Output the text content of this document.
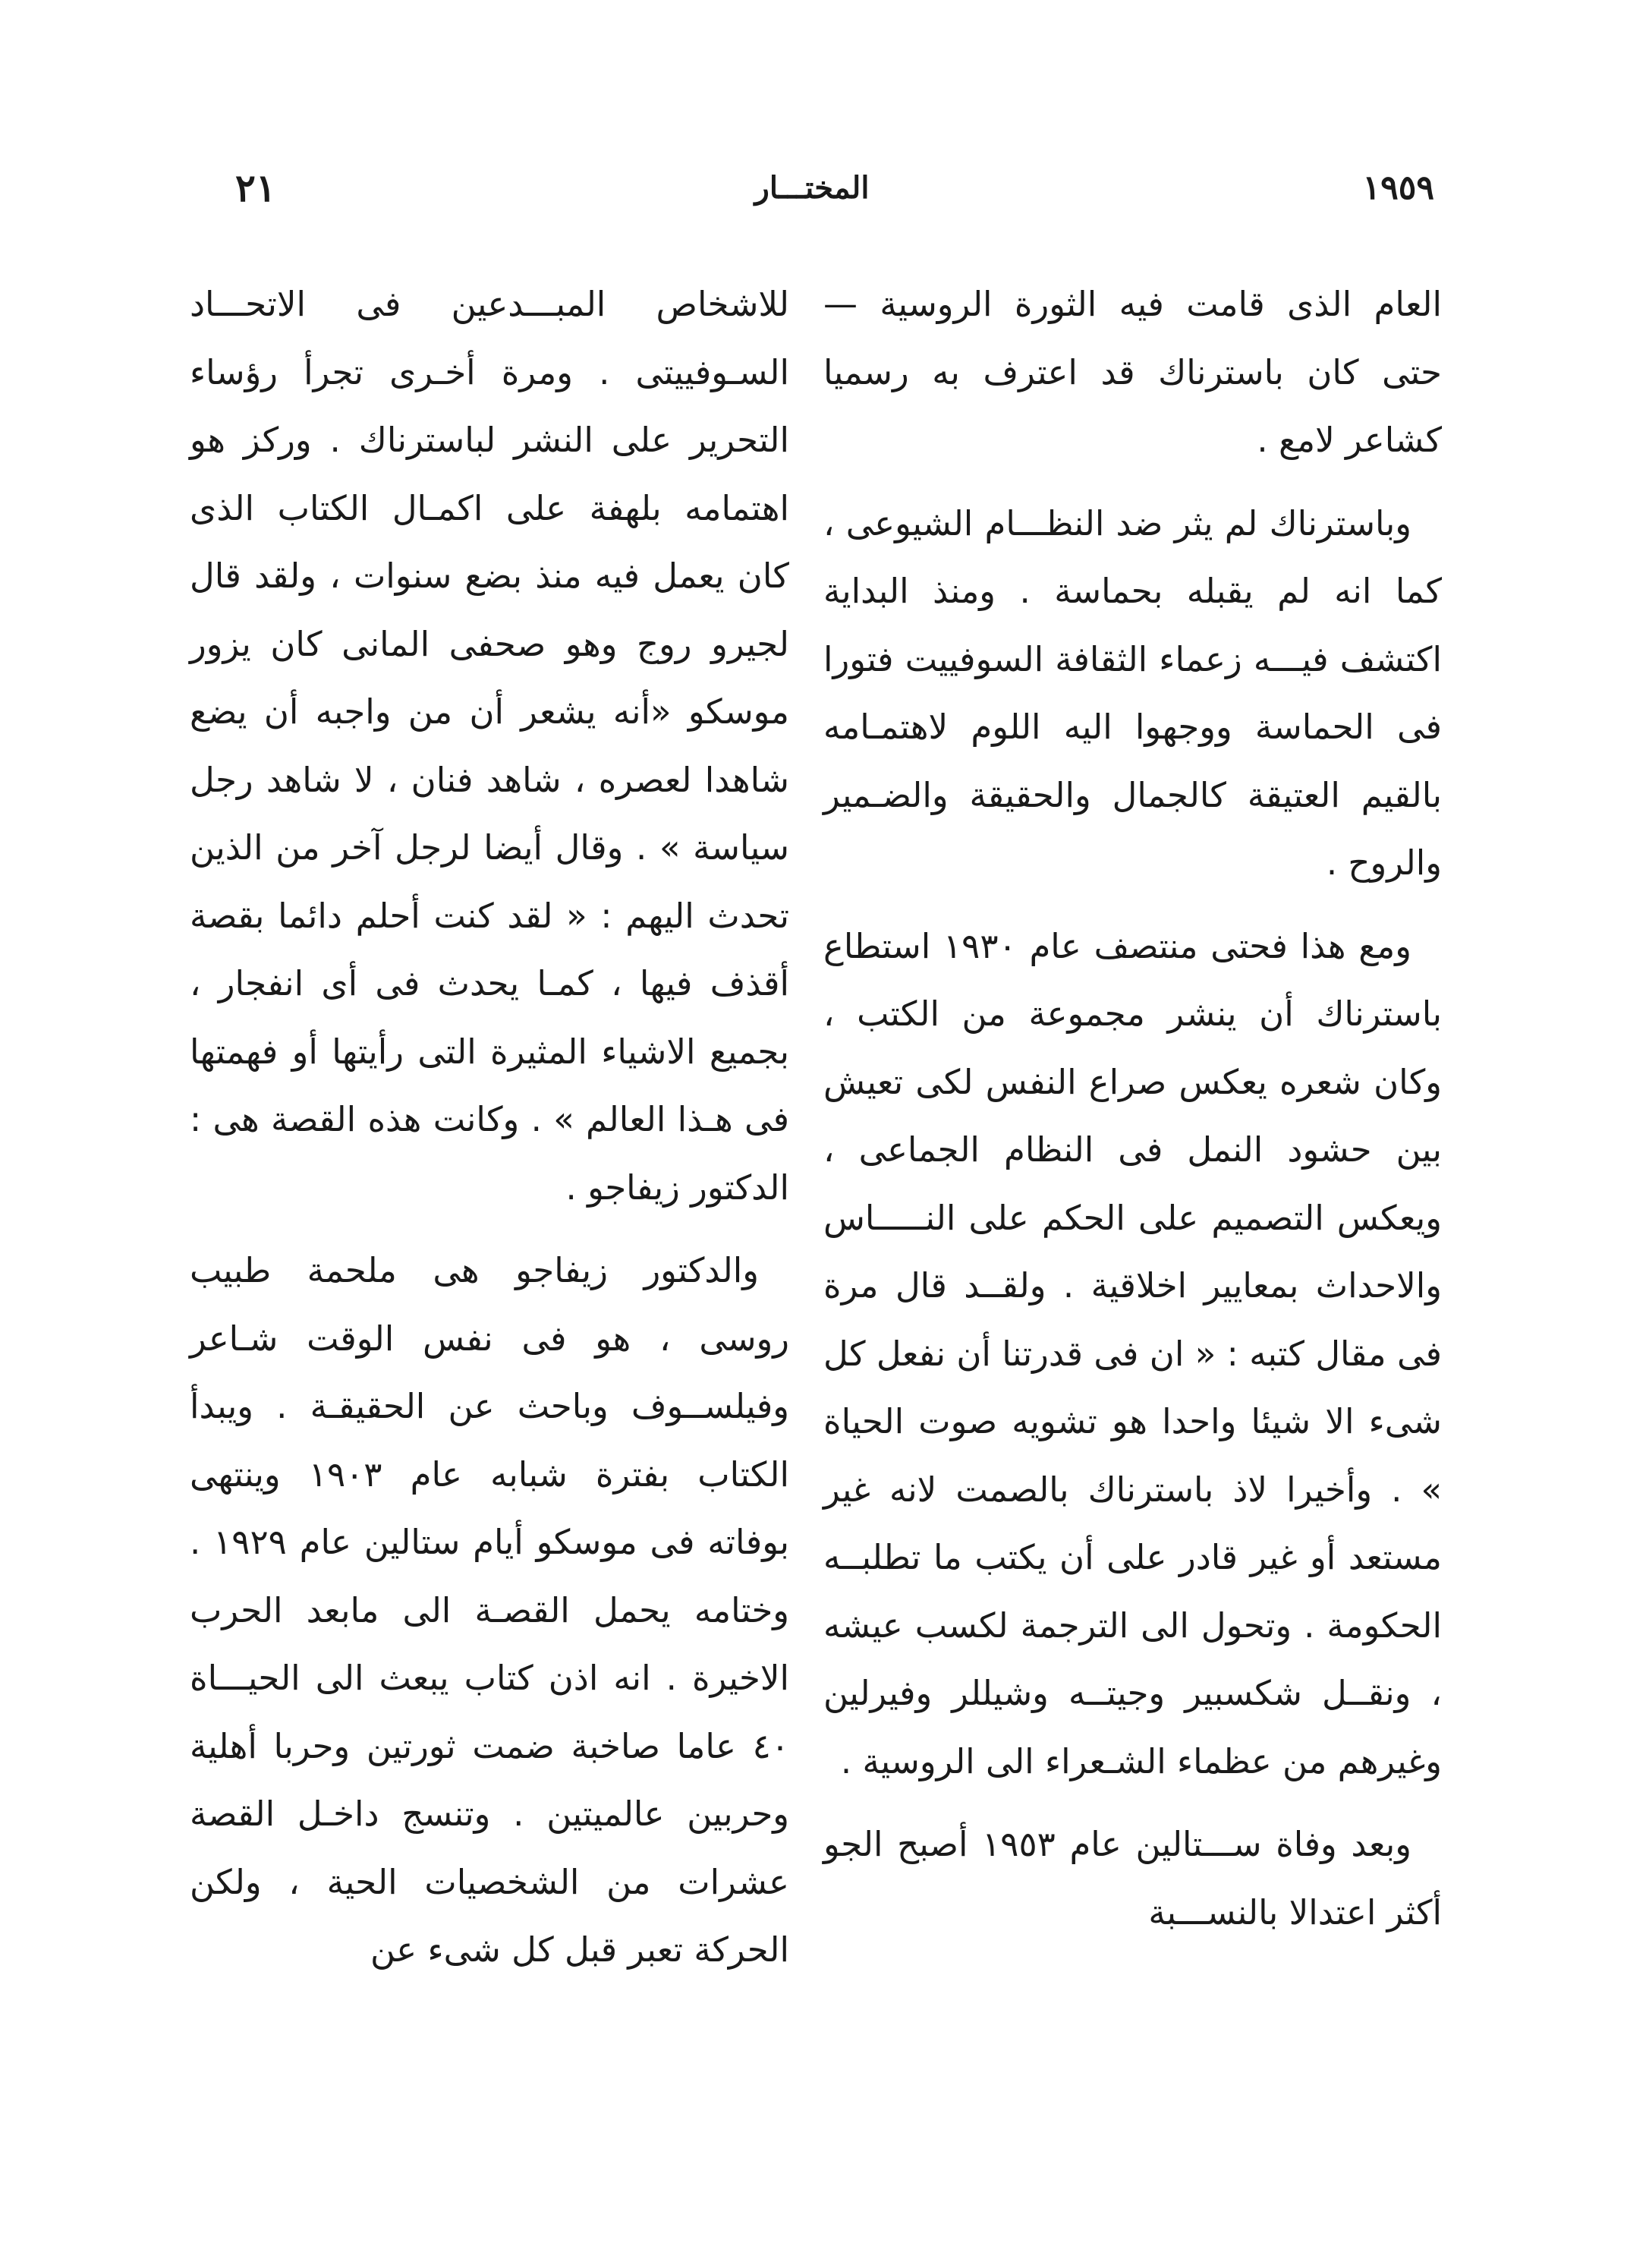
٢١	المختـــار	١٩٥٩

العام الذى قامت فيه الثورة الروسية — حتى كان باسترناك قد اعترف به رسميا كشاعر لامع .

وباسترناك لم يثر ضد النظـــام الشيوعى ، كما انه لم يقبله بحماسة . ومنذ البداية اكتشف فيـــه زعماء الثقافة السوفييت فتورا فى الحماسة ووجهوا اليه اللوم لاهتمـامه بالقيم العتيقة كالجمال والحقيقة والضـمير والروح .

ومع هذا فحتى منتصف عام ١٩٣٠ استطاع باسترناك أن ينشر مجموعة من الكتب ، وكان شعره يعكس صراع النفس لكى تعيش بين حشود النمل فى النظام الجماعى ، ويعكس التصميم على الحكم على النـــــاس والاحداث بمعايير اخلاقية . ولقــد قال مرة فى مقال كتبه : « ان فى قدرتنا أن نفعل كل شىء الا شيئا واحدا هو تشويه صوت الحياة » . وأخيرا لاذ باسترناك بالصمت لانه غير مستعد أو غير قادر على أن يكتب ما تطلبــه الحكومة . وتحول الى الترجمة لكسب عيشه ، ونقــل شكسبير وجيتــه وشيللر وفيرلين وغيرهم من عظماء الشـعراء الى الروسية .

وبعد وفاة ســـتالين عام ١٩٥٣ أصبح الجو أكثر اعتدالا بالنســـبة

للاشخاص المبـــدعين فى الاتحـــاد السـوفييتى . ومرة أخـرى تجرأ رؤساء التحرير على النشر لباسترناك . وركز هو اهتمامه بلهفة على اكمـال الكتاب الذى كان يعمل فيه منذ بضع سنوات ، ولقد قال لجيرو روج وهو صحفى المانى كان يزور موسكو «أنه يشعر أن من واجبه أن يضع شاهدا لعصره ، شاهد فنان ، لا شاهد رجل سياسة » . وقال أيضا لرجل آخر من الذين تحدث اليهم : « لقد كنت أحلم دائما بقصة أقذف فيها ، كمـا يحدث فى أى انفجار ، بجميع الاشياء المثيرة التى رأيتها أو فهمتها فى هـذا العالم » . وكانت هذه القصة هى : الدكتور زيفاجو .

والدكتور زيفاجو هى ملحمة طبيب روسى ، هو فى نفس الوقت شـاعر وفيلســوف وباحث عن الحقيقـة . ويبدأ الكتاب بفترة شبابه عام ١٩٠٣ وينتهى بوفاته فى موسكو أيام ستالين عام ١٩٢٩ . وختامه يحمل القصـة الى مابعد الحرب الاخيرة . انه اذن كتاب يبعث الى الحيـــاة ٤٠ عاما صاخبة ضمت ثورتين وحربا أهلية وحربين عالميتين . وتنسج داخـل القصة عشرات من الشخصيات الحية ، ولكن الحركة تعبر قبل كل شىء عن
